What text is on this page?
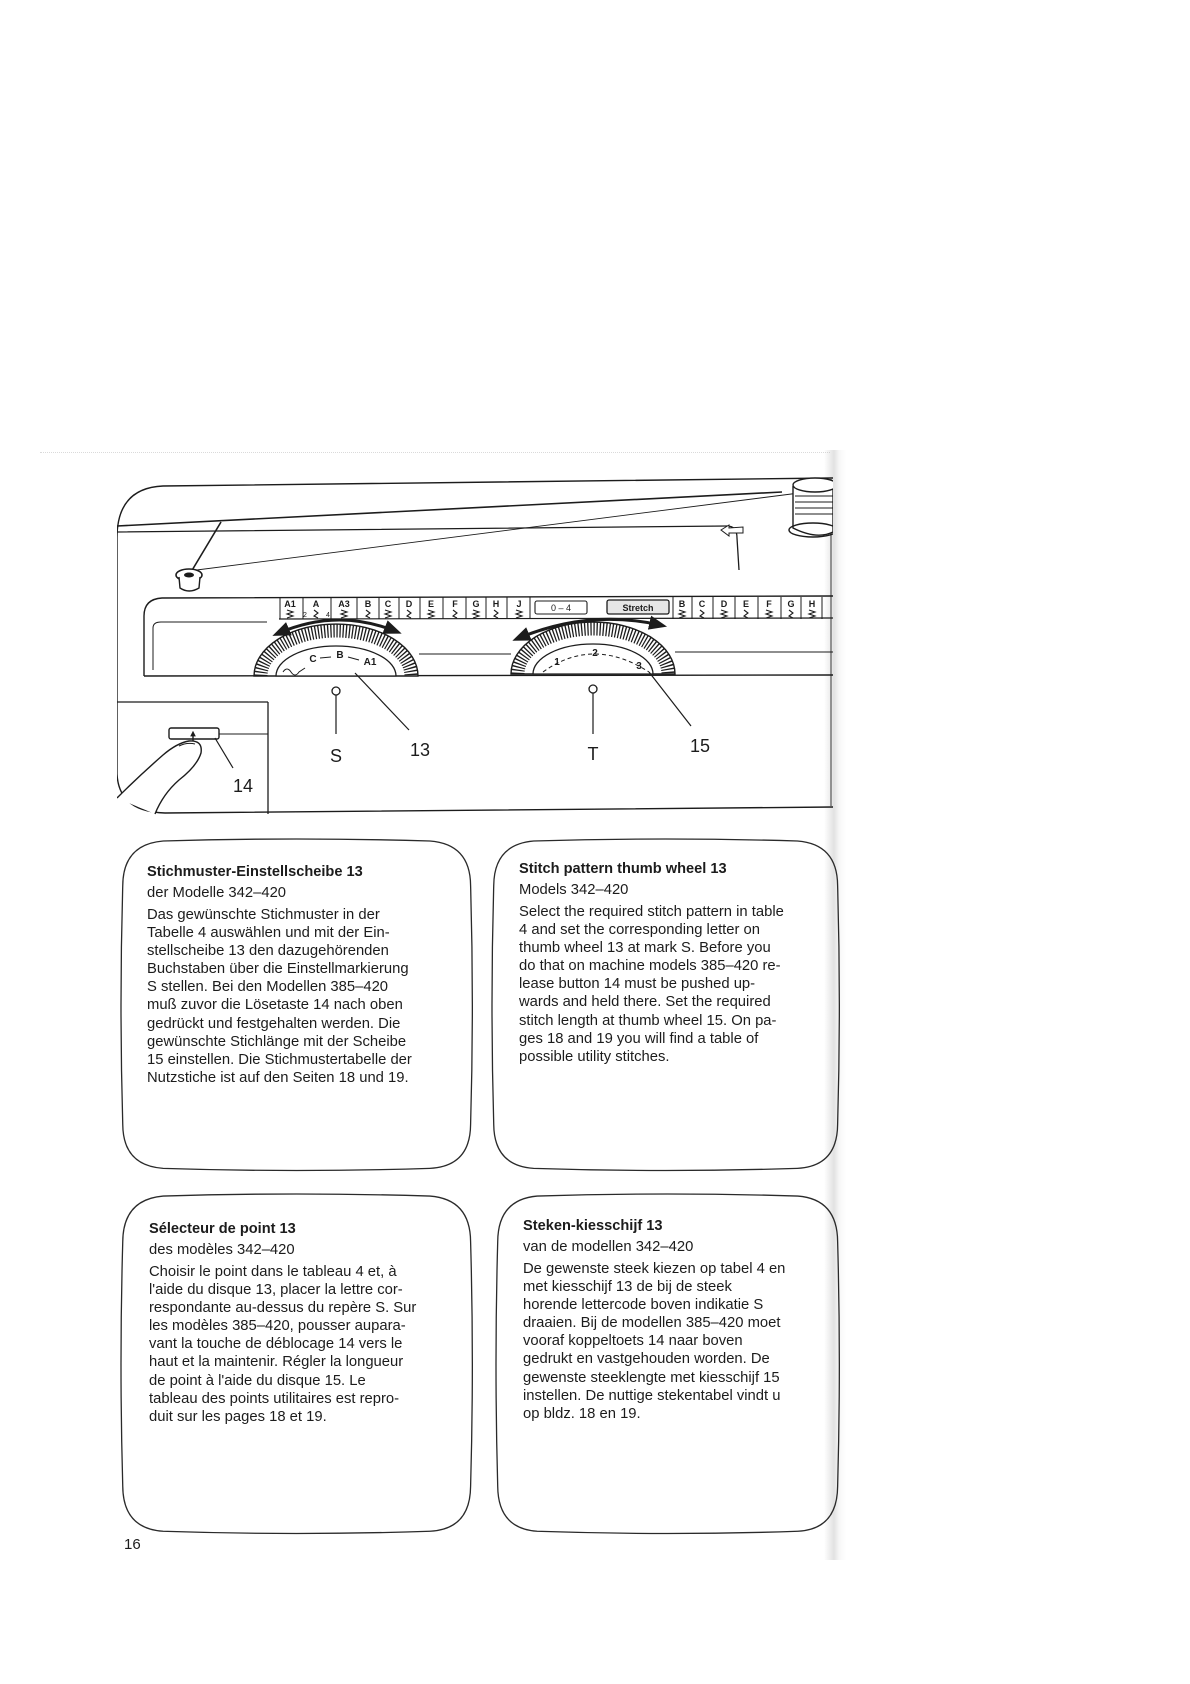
0 – 4	Stretch
2	4
A1 A A3 B C D E F G H J	B C D E F G H
C B
A1	1
2
3
S	13	T	15
14
Stichmuster-Einstellscheibe 13
der Modelle 342–420
Das gewünschte Stichmuster in der
Tabelle 4 auswählen und mit der Ein-
stellscheibe 13 den dazugehörenden
Buchstaben über die Einstellmarkierung
S stellen. Bei den Modellen 385–420
muß zuvor die Lösetaste 14 nach oben
gedrückt und festgehalten werden. Die
gewünschte Stichlänge mit der Scheibe
15 einstellen. Die Stichmustertabelle der
Nutzstiche ist auf den Seiten 18 und 19.
Stitch pattern thumb wheel 13
Models 342–420
Select the required stitch pattern in table
4 and set the corresponding letter on
thumb wheel 13 at mark S. Before you
do that on machine models 385–420 re-
lease button 14 must be pushed up-
wards and held there. Set the required
stitch length at thumb wheel 15. On pa-
ges 18 and 19 you will find a table of
possible utility stitches.
Sélecteur de point 13
des modèles 342–420
Choisir le point dans le tableau 4 et, à
l'aide du disque 13, placer la lettre cor-
respondante au-dessus du repère S. Sur
les modèles 385–420, pousser aupara-
vant la touche de déblocage 14 vers le
haut et la maintenir. Régler la longueur
de point à l'aide du disque 15. Le
tableau des points utilitaires est repro-
duit sur les pages 18 et 19.
Steken-kiesschijf 13
van de modellen 342–420
De gewenste steek kiezen op tabel 4 en
met kiesschijf 13 de bij de steek
horende lettercode boven indikatie S
draaien. Bij de modellen 385–420 moet
vooraf koppeltoets 14 naar boven
gedrukt en vastgehouden worden. De
gewenste steeklengte met kiesschijf 15
instellen. De nuttige stekentabel vindt u
op bldz. 18 en 19.
16
